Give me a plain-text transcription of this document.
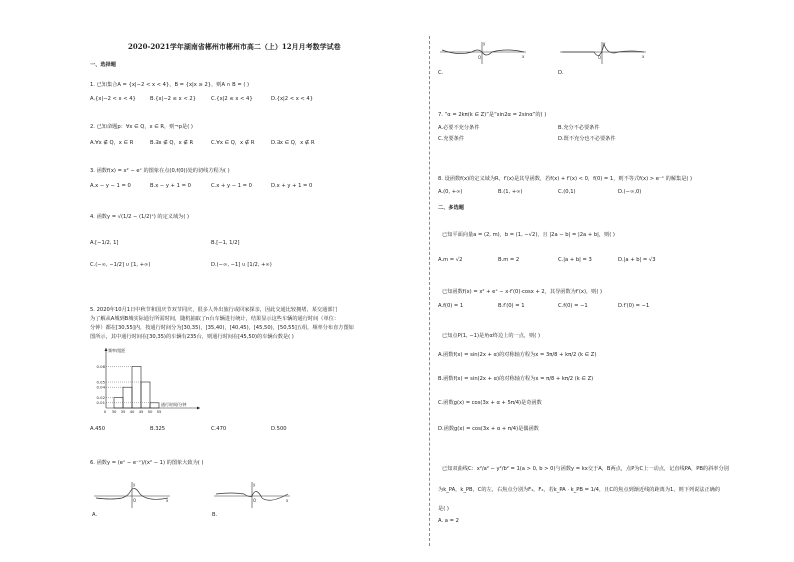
2020-2021学年湖南省郴州市郴州市高二（上）12月月考数学试卷
一、选择题
1. 已知集合A = {x|−2 < x < 4}，B = {x|x ≥ 2}，则A ∩ B = ( )
A.{x|−2 < x < 4}	B.{x|−2 ≤ x < 2}	C.{x|2 ≤ x < 4}	D.{x|2 < x < 4}
2. 已知命题p：∀x ∈ Q，x ∈ R，则¬p是( )
A.∀x ∉ Q，x ∈ R	B.∃x ∉ Q，x ∉ R	C.∀x ∈ Q，x ∉ R	D.∃x ∈ Q，x ∉ R
3. 函数f(x) = x² − eˣ 的图象在点(0,f(0))处的切线方程为( )
A.x − y − 1 = 0	B.x − y + 1 = 0	C.x + y − 1 = 0	D.x + y + 1 = 0
4. 函数y = √(1/2 − (1/2)ˣ) 的定义域为( )
A.[−1/2, 1]	B.[−1, 1/2]
C.(−∞, −1/2] ∪ [1, +∞)	D.(−∞, −1] ∪ [1/2, +∞)
5. 2020年10月1日中秋节和国庆节双节同庆，很多人外出旅行或回家探亲，因此交通比较拥堵，某交通部门
为了解从A城到B城实际通行所需时间，随机抽取了n台车辆进行统计，结果显示这些车辆的通行时间（单位：
分钟）都在[30,55]内，按通行时间分为[30,35)，[35,40)，[40,45)，[45,50)，[50,55]五组，频率分布直方图如
图所示，其中通行时间在[30,35)的车辆有235台，则通行时间在[45,50)的车辆台数是( )
频率/组距
通行时间/分钟
0.08
0.05
0.04
0.02
0.01
0 30 35 40 45 50 55
A.450	B.325	C.470	D.500
6. 函数y = (eˣ − e⁻ˣ)/(x² − 1) 的图象大致为( )
y
O	x
A.
y
O	x
B.
y
O	x
C.
y
O	x
D.
7. “α = 2kπ(k ∈ Z)”是“sin2α = 2sinα”的( )
A.必要不充分条件	B.充分不必要条件
C.充要条件	D.既不充分也不必要条件
8. 设函数f(x)的定义域为R，f′(x)是其导函数，若f(x) + f′(x) < 0，f(0) = 1，则不等式f(x) > e⁻ˣ 的解集是( )
A.(0, +∞)	B.(1, +∞)	C.(0,1)	D.(−∞,0)
二、多选题
已知平面向量a = (2, m)，b = (1, −√2)，且 |2a − b| = |2a + b|，则( )
A.m = √2	B.m = 2	C.|a + b| = 3	D.|a + b| = √3
已知函数f(x) = x² + eˣ − x·f′(0)·cosx + 2，其导函数为f′(x)，则( )
A.f(0) = 1	B.f′(0) = 1	C.f(0) = −1	D.f′(0) = −1
已知点P(1, −1)是角α终边上的一点，则( )
A.函数f(x) = sin(2x + α)的对称轴方程为x = 3π/8 + kπ/2 (k ∈ Z)
B.函数f(x) = sin(2x + α)的对称轴方程为x = π/8 + kπ/2 (k ∈ Z)
C.函数g(x) = cos(3x + α + 5π/4)是奇函数
D.函数g(x) = cos(3x + α + π/4)是偶函数
已知双曲线C：x²/a² − y²/b² = 1(a > 0, b > 0)与函数y = kx交于A，B两点，点P为C上一动点，记直线PA，PB的斜率分别
为k_PA，k_PB，C的左，右焦点分别为F₁，F₂，若k_PA · k_PB = 1/4，且C的焦点到渐近线的距离为1，则下列说法正确的
是( )
A. a = 2
